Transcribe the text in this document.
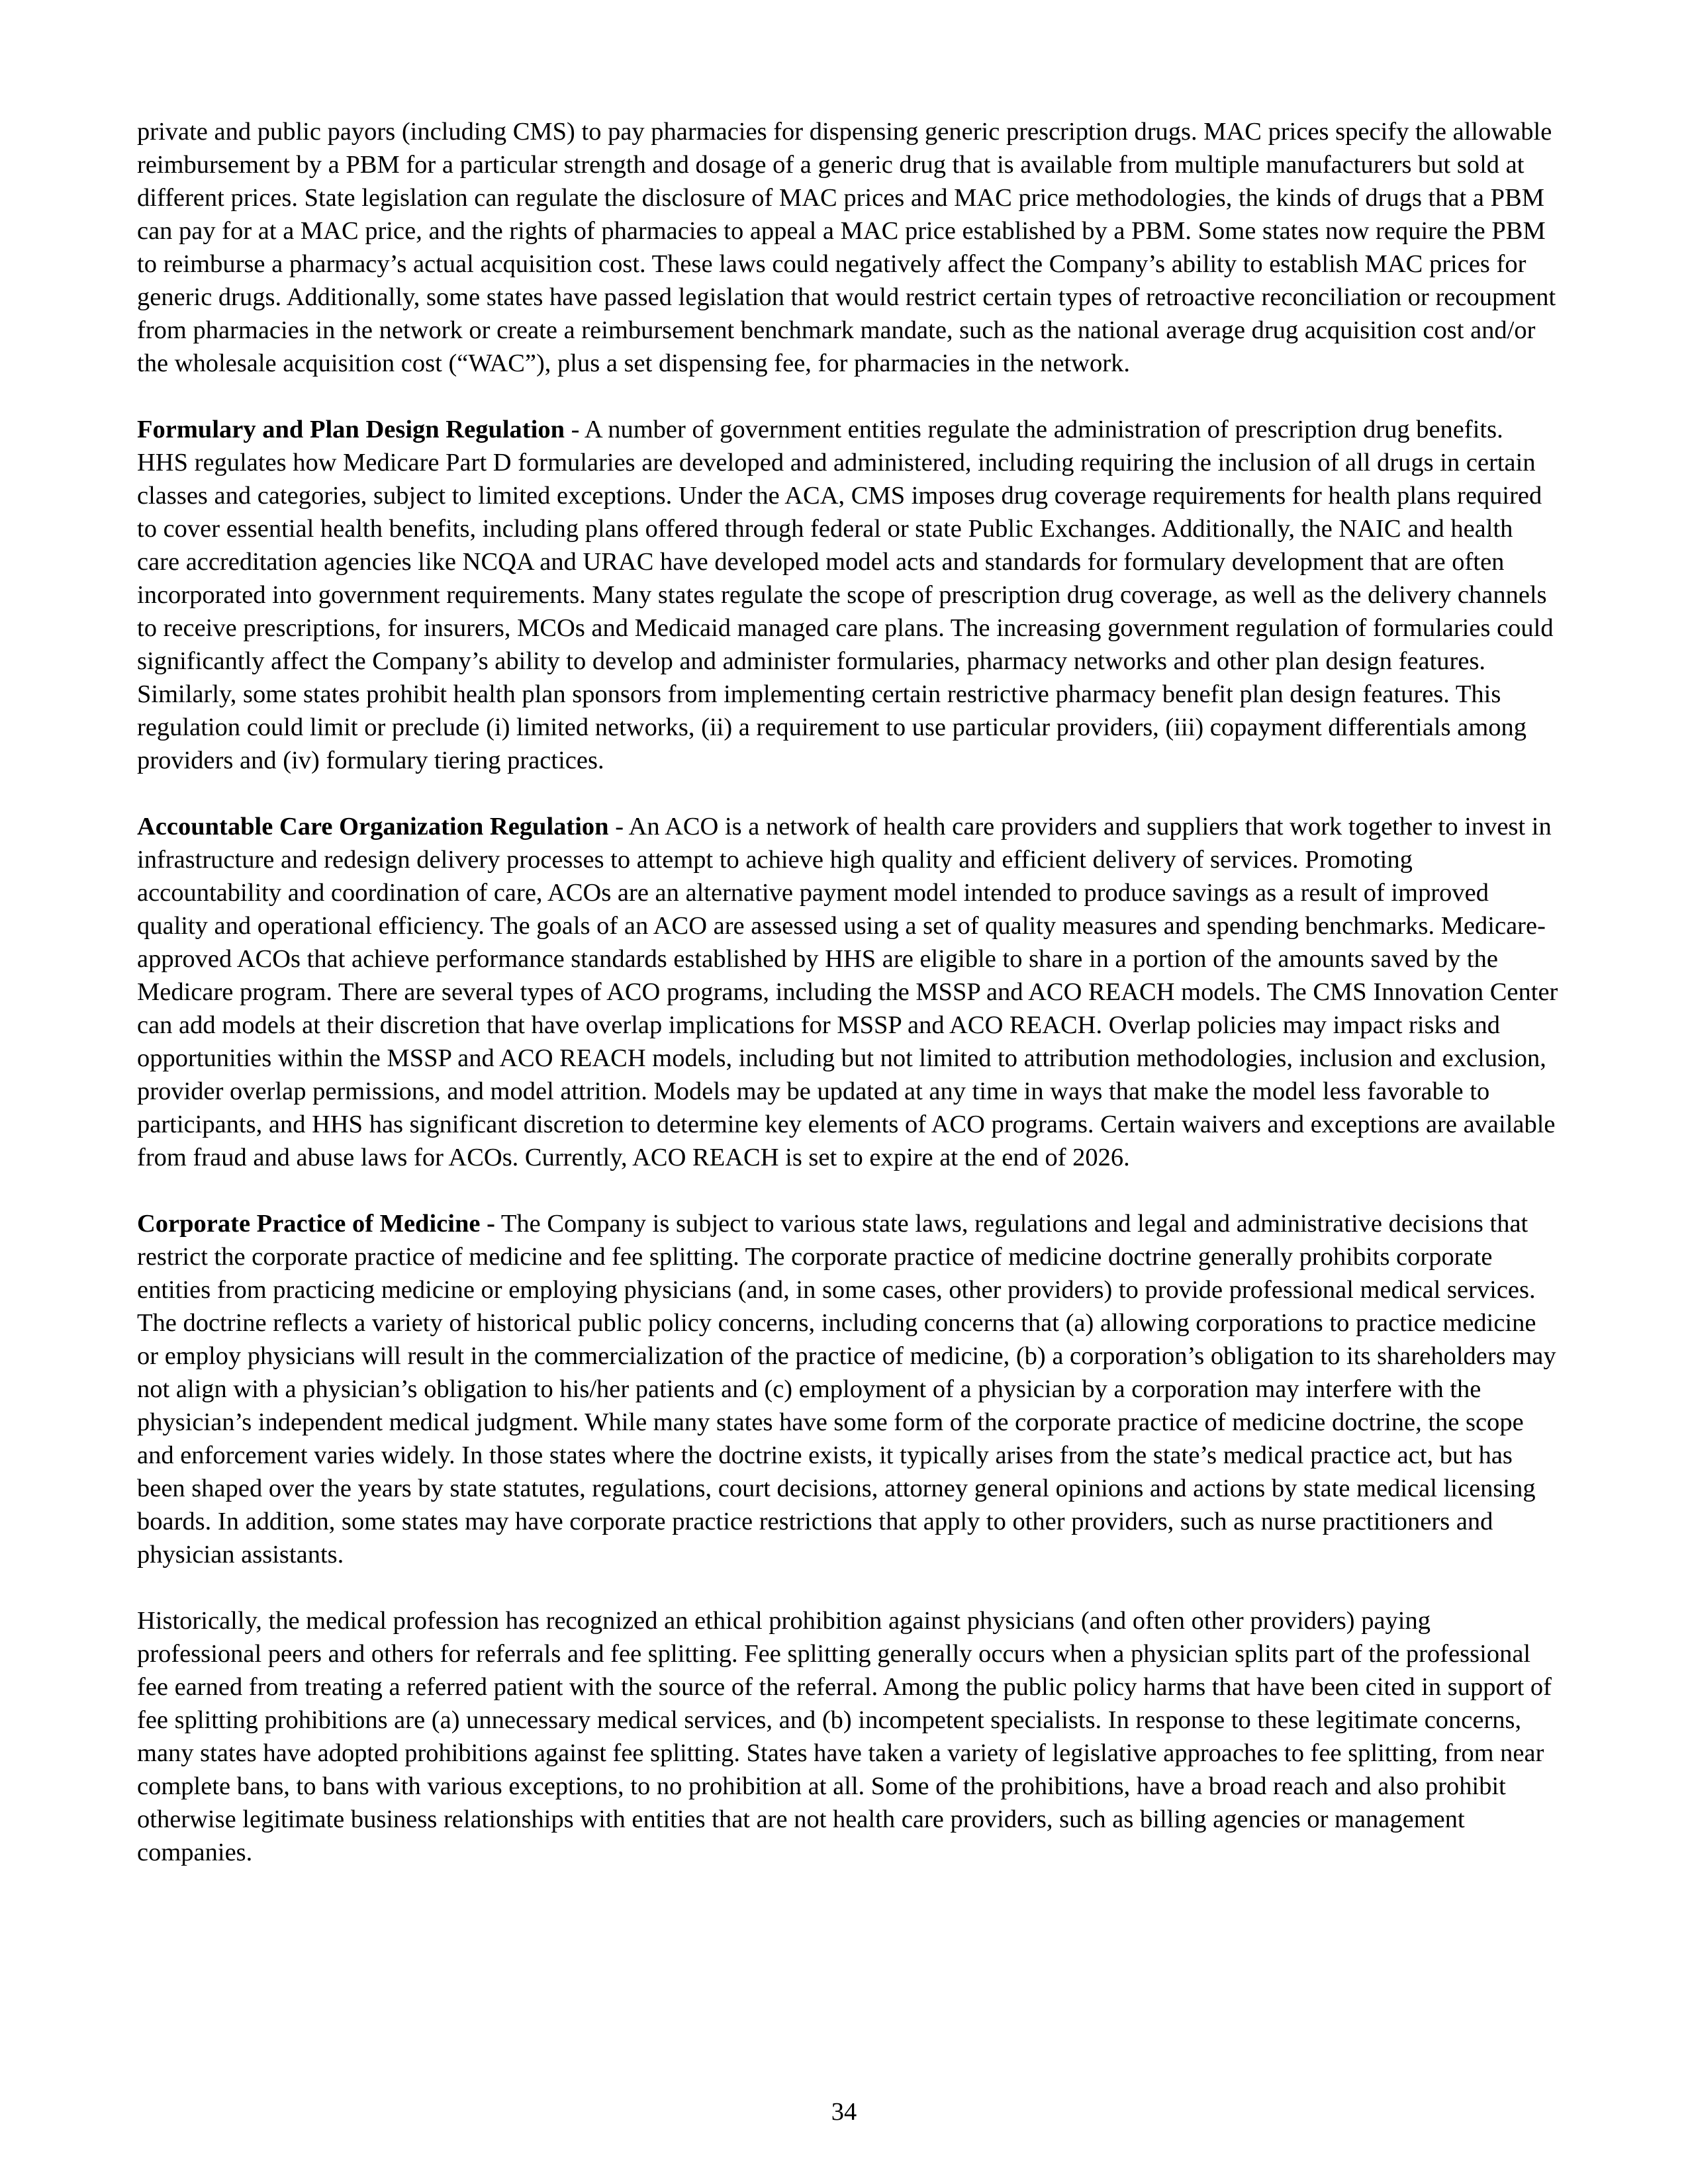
private and public payors (including CMS) to pay pharmacies for dispensing generic prescription drugs. MAC prices specify the allowable reimbursement by a PBM for a particular strength and dosage of a generic drug that is available from multiple manufacturers but sold at different prices. State legislation can regulate the disclosure of MAC prices and MAC price methodologies, the kinds of drugs that a PBM can pay for at a MAC price, and the rights of pharmacies to appeal a MAC price established by a PBM. Some states now require the PBM to reimburse a pharmacy’s actual acquisition cost. These laws could negatively affect the Company’s ability to establish MAC prices for generic drugs. Additionally, some states have passed legislation that would restrict certain types of retroactive reconciliation or recoupment from pharmacies in the network or create a reimbursement benchmark mandate, such as the national average drug acquisition cost and/or the wholesale acquisition cost (“WAC”), plus a set dispensing fee, for pharmacies in the network.

Formulary and Plan Design Regulation - A number of government entities regulate the administration of prescription drug benefits. HHS regulates how Medicare Part D formularies are developed and administered, including requiring the inclusion of all drugs in certain classes and categories, subject to limited exceptions. Under the ACA, CMS imposes drug coverage requirements for health plans required to cover essential health benefits, including plans offered through federal or state Public Exchanges. Additionally, the NAIC and health care accreditation agencies like NCQA and URAC have developed model acts and standards for formulary development that are often incorporated into government requirements. Many states regulate the scope of prescription drug coverage, as well as the delivery channels to receive prescriptions, for insurers, MCOs and Medicaid managed care plans. The increasing government regulation of formularies could significantly affect the Company’s ability to develop and administer formularies, pharmacy networks and other plan design features. Similarly, some states prohibit health plan sponsors from implementing certain restrictive pharmacy benefit plan design features. This regulation could limit or preclude (i) limited networks, (ii) a requirement to use particular providers, (iii) copayment differentials among providers and (iv) formulary tiering practices.

Accountable Care Organization Regulation - An ACO is a network of health care providers and suppliers that work together to invest in infrastructure and redesign delivery processes to attempt to achieve high quality and efficient delivery of services. Promoting accountability and coordination of care, ACOs are an alternative payment model intended to produce savings as a result of improved quality and operational efficiency. The goals of an ACO are assessed using a set of quality measures and spending benchmarks. Medicare-approved ACOs that achieve performance standards established by HHS are eligible to share in a portion of the amounts saved by the Medicare program. There are several types of ACO programs, including the MSSP and ACO REACH models. The CMS Innovation Center can add models at their discretion that have overlap implications for MSSP and ACO REACH. Overlap policies may impact risks and opportunities within the MSSP and ACO REACH models, including but not limited to attribution methodologies, inclusion and exclusion, provider overlap permissions, and model attrition. Models may be updated at any time in ways that make the model less favorable to participants, and HHS has significant discretion to determine key elements of ACO programs. Certain waivers and exceptions are available from fraud and abuse laws for ACOs. Currently, ACO REACH is set to expire at the end of 2026.

Corporate Practice of Medicine - The Company is subject to various state laws, regulations and legal and administrative decisions that restrict the corporate practice of medicine and fee splitting. The corporate practice of medicine doctrine generally prohibits corporate entities from practicing medicine or employing physicians (and, in some cases, other providers) to provide professional medical services. The doctrine reflects a variety of historical public policy concerns, including concerns that (a) allowing corporations to practice medicine or employ physicians will result in the commercialization of the practice of medicine, (b) a corporation’s obligation to its shareholders may not align with a physician’s obligation to his/her patients and (c) employment of a physician by a corporation may interfere with the physician’s independent medical judgment. While many states have some form of the corporate practice of medicine doctrine, the scope and enforcement varies widely. In those states where the doctrine exists, it typically arises from the state’s medical practice act, but has been shaped over the years by state statutes, regulations, court decisions, attorney general opinions and actions by state medical licensing boards. In addition, some states may have corporate practice restrictions that apply to other providers, such as nurse practitioners and physician assistants.

Historically, the medical profession has recognized an ethical prohibition against physicians (and often other providers) paying professional peers and others for referrals and fee splitting. Fee splitting generally occurs when a physician splits part of the professional fee earned from treating a referred patient with the source of the referral. Among the public policy harms that have been cited in support of fee splitting prohibitions are (a) unnecessary medical services, and (b) incompetent specialists. In response to these legitimate concerns, many states have adopted prohibitions against fee splitting. States have taken a variety of legislative approaches to fee splitting, from near complete bans, to bans with various exceptions, to no prohibition at all. Some of the prohibitions, have a broad reach and also prohibit otherwise legitimate business relationships with entities that are not health care providers, such as billing agencies or management companies.

34
